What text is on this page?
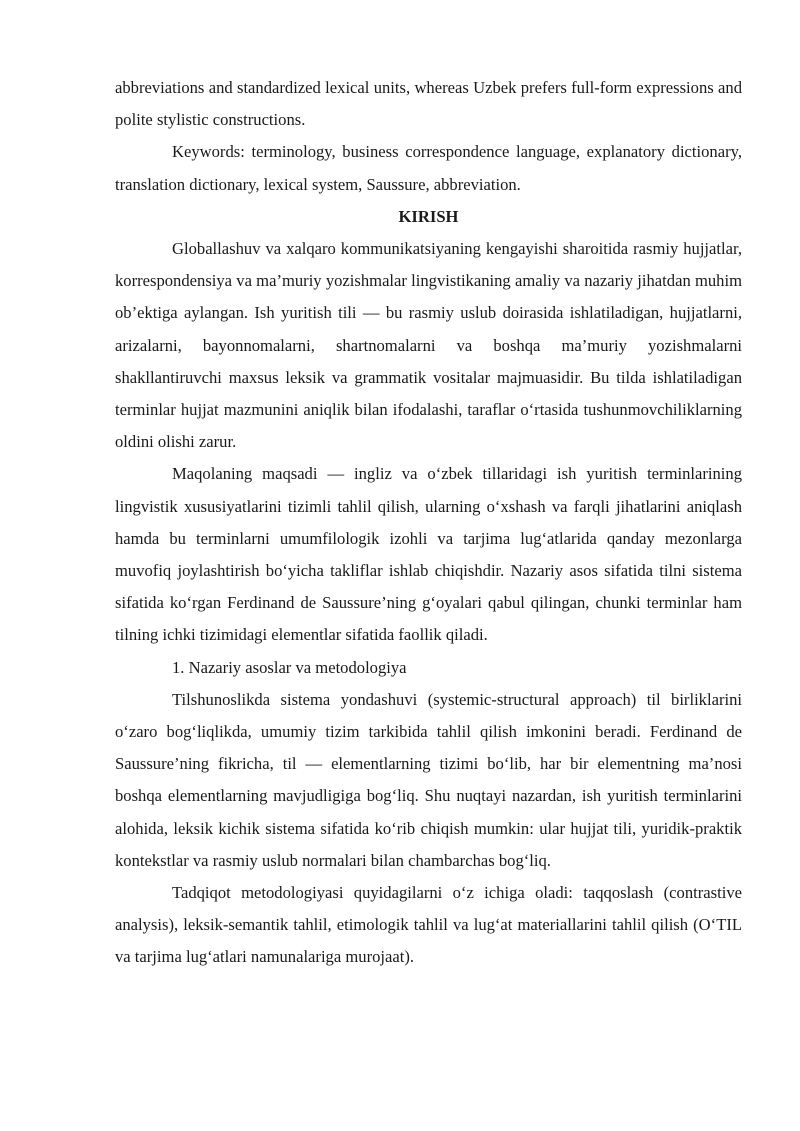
abbreviations and standardized lexical units, whereas Uzbek prefers full-form expressions and polite stylistic constructions.

Keywords: terminology, business correspondence language, explanatory dictionary, translation dictionary, lexical system, Saussure, abbreviation.

KIRISH

Globallashuv va xalqaro kommunikatsiyaning kengayishi sharoitida rasmiy hujjatlar, korrespondensiya va ma’muriy yozishmalar lingvistikaning amaliy va nazariy jihatdan muhim ob’ektiga aylangan. Ish yuritish tili — bu rasmiy uslub doirasida ishlatiladigan, hujjatlarni, arizalarni, bayonnomalarni, shartnomalarni va boshqa ma’muriy yozishmalarni shakllantiruvchi maxsus leksik va grammatik vositalar majmuasidir. Bu tilda ishlatiladigan terminlar hujjat mazmunini aniqlik bilan ifodalashi, taraflar o‘rtasida tushunmovchiliklarning oldini olishi zarur.

Maqolaning maqsadi — ingliz va o‘zbek tillaridagi ish yuritish terminlarining lingvistik xususiyatlarini tizimli tahlil qilish, ularning o‘xshash va farqli jihatlarini aniqlash hamda bu terminlarni umumfilologik izohli va tarjima lug‘atlarida qanday mezonlarga muvofiq joylashtirish bo‘yicha takliflar ishlab chiqishdir. Nazariy asos sifatida tilni sistema sifatida ko‘rgan Ferdinand de Saussure’ning g‘oyalari qabul qilingan, chunki terminlar ham tilning ichki tizimidagi elementlar sifatida faollik qiladi.

1. Nazariy asoslar va metodologiya

Tilshunoslikda sistema yondashuvi (systemic-structural approach) til birliklarini o‘zaro bog‘liqlikda, umumiy tizim tarkibida tahlil qilish imkonini beradi. Ferdinand de Saussure’ning fikricha, til — elementlarning tizimi bo‘lib, har bir elementning ma’nosi boshqa elementlarning mavjudligiga bog‘liq. Shu nuqtayi nazardan, ish yuritish terminlarini alohida, leksik kichik sistema sifatida ko‘rib chiqish mumkin: ular hujjat tili, yuridik-praktik kontekstlar va rasmiy uslub normalari bilan chambarchas bog‘liq.

Tadqiqot metodologiyasi quyidagilarni o‘z ichiga oladi: taqqoslash (contrastive analysis), leksik-semantik tahlil, etimologik tahlil va lug‘at materiallarini tahlil qilish (O‘TIL va tarjima lug‘atlari namunalariga murojaat).
